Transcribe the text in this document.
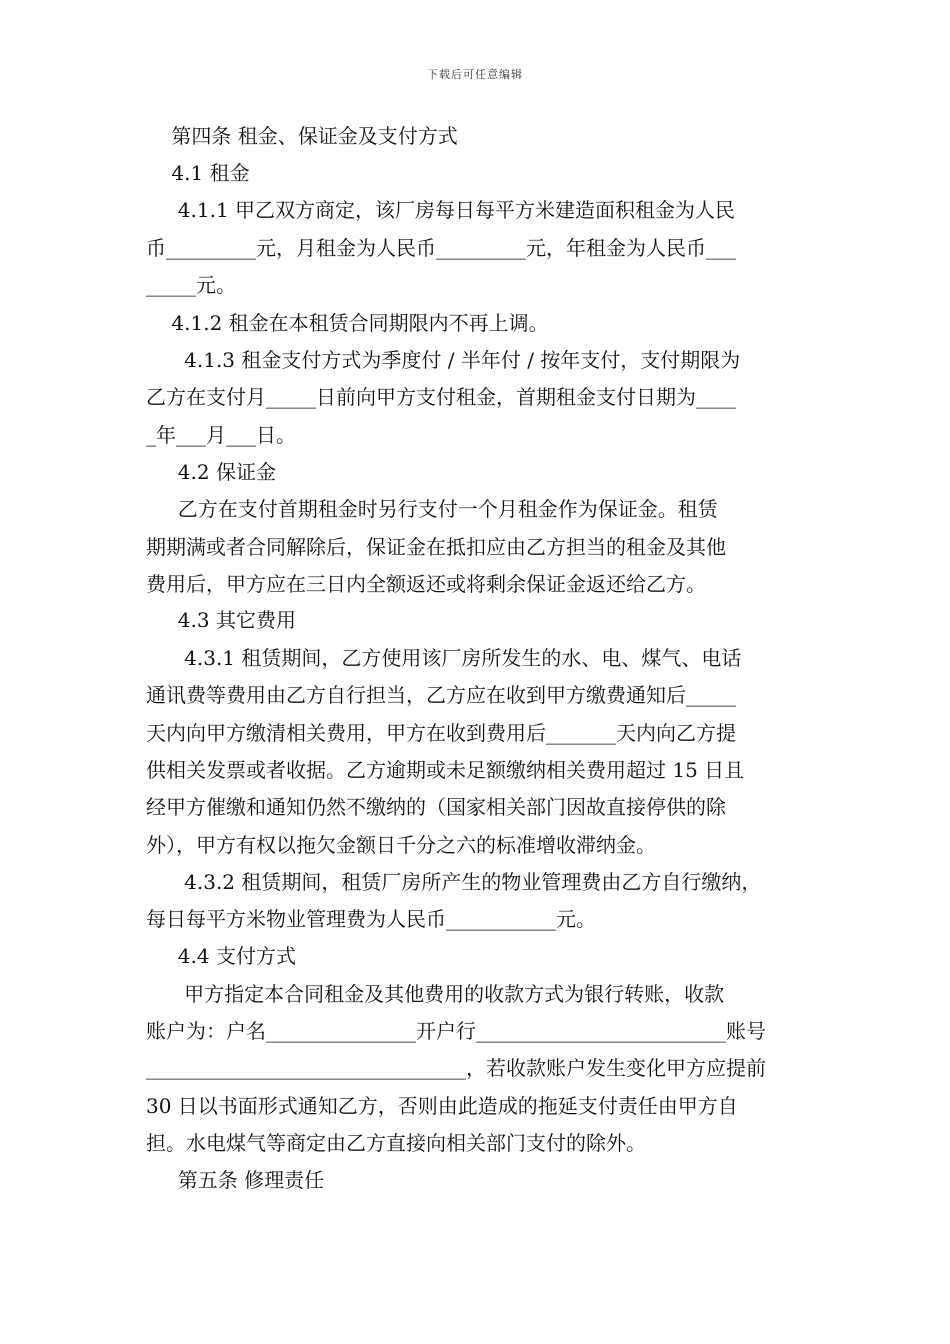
下载后可任意编辑
第四条 租金、保证金及支付方式
4.1 租金
4.1.1 甲乙双方商定，该厂房每日每平方米建造面积租金为人民
币_________元，月租金为人民币_________元，年租金为人民币___
_____元。
4.1.2 租金在本租赁合同期限内不再上调。
4.1.3 租金支付方式为季度付 / 半年付 / 按年支付，支付期限为
乙方在支付月_____日前向甲方支付租金，首期租金支付日期为____
_年___月___日。
4.2 保证金
乙方在支付首期租金时另行支付一个月租金作为保证金。租赁
期期满或者合同解除后，保证金在抵扣应由乙方担当的租金及其他
费用后，甲方应在三日内全额返还或将剩余保证金返还给乙方。
4.3 其它费用
4.3.1 租赁期间，乙方使用该厂房所发生的水、电、煤气、电话
通讯费等费用由乙方自行担当，乙方应在收到甲方缴费通知后_____
天内向甲方缴清相关费用，甲方在收到费用后_______天内向乙方提
供相关发票或者收据。乙方逾期或未足额缴纳相关费用超过 15 日且
经甲方催缴和通知仍然不缴纳的（国家相关部门因故直接停供的除
外），甲方有权以拖欠金额日千分之六的标准增收滞纳金。
4.3.2 租赁期间，租赁厂房所产生的物业管理费由乙方自行缴纳，
每日每平方米物业管理费为人民币___________元。
4.4 支付方式
甲方指定本合同租金及其他费用的收款方式为银行转账，收款
账户为：户名_______________开户行_________________________账号
________________________________，若收款账户发生变化甲方应提前
30 日以书面形式通知乙方，否则由此造成的拖延支付责任由甲方自
担。水电煤气等商定由乙方直接向相关部门支付的除外。
第五条 修理责任
